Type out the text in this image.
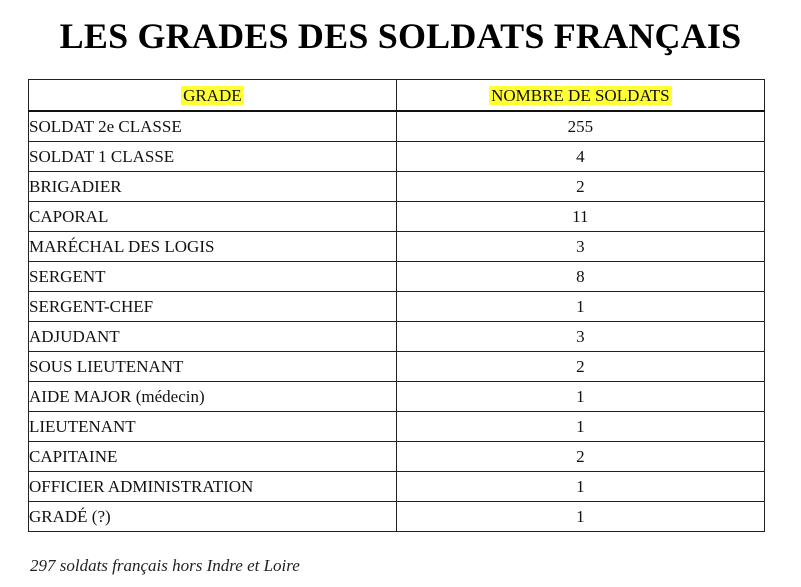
LES GRADES DES SOLDATS FRANÇAIS
GRADE	NOMBRE DE SOLDATS
SOLDAT 2e CLASSE	255
SOLDAT 1 CLASSE	4
BRIGADIER	2
CAPORAL	11
MARÉCHAL DES LOGIS	3
SERGENT	8
SERGENT-CHEF	1
ADJUDANT	3
SOUS LIEUTENANT	2
AIDE MAJOR (médecin)	1
LIEUTENANT	1
CAPITAINE	2
OFFICIER ADMINISTRATION	1
GRADÉ (?)	1
297 soldats français hors Indre et Loire
